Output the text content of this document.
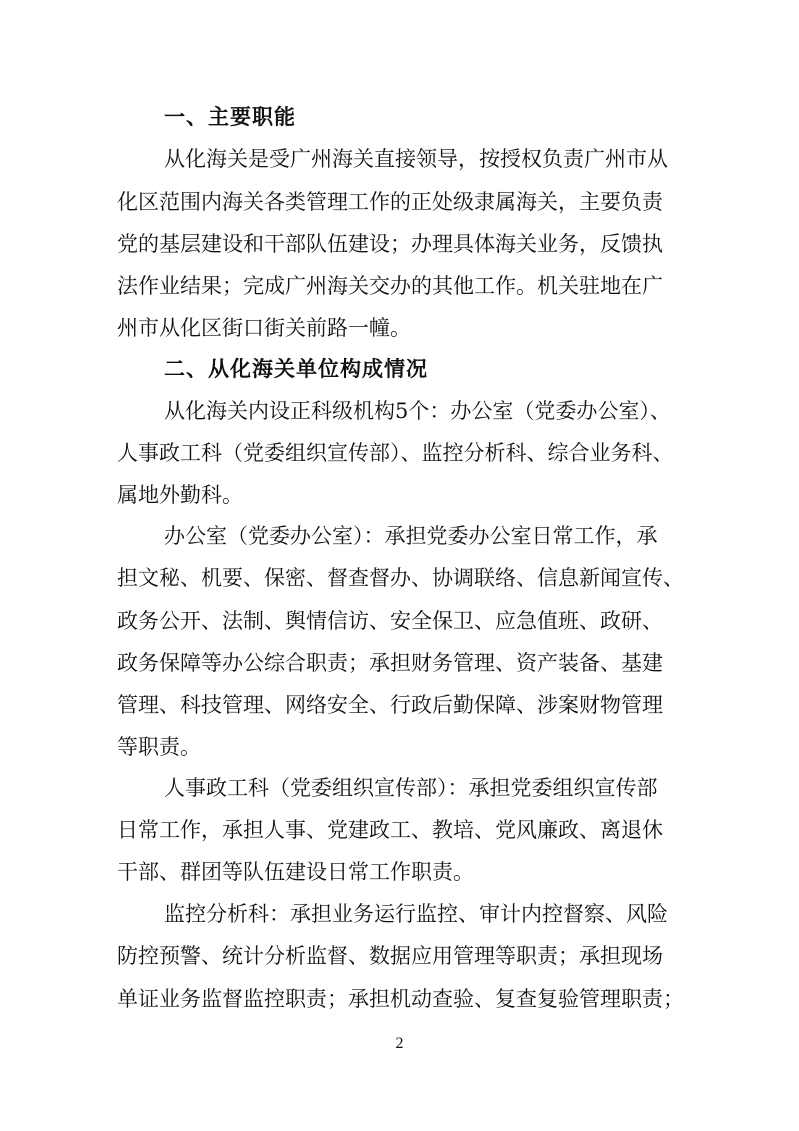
一、主要职能
从化海关是受广州海关直接领导，按授权负责广州市从
化区范围内海关各类管理工作的正处级隶属海关，主要负责
党的基层建设和干部队伍建设；办理具体海关业务，反馈执
法作业结果；完成广州海关交办的其他工作。机关驻地在广
州市从化区街口街关前路一幢。
二、从化海关单位构成情况
从化海关内设正科级机构5个：办公室（党委办公室）、
人事政工科（党委组织宣传部）、监控分析科、综合业务科、
属地外勤科。
办公室（党委办公室）：承担党委办公室日常工作，承
担文秘、机要、保密、督查督办、协调联络、信息新闻宣传、
政务公开、法制、舆情信访、安全保卫、应急值班、政研、
政务保障等办公综合职责；承担财务管理、资产装备、基建
管理、科技管理、网络安全、行政后勤保障、涉案财物管理
等职责。
人事政工科（党委组织宣传部）：承担党委组织宣传部
日常工作，承担人事、党建政工、教培、党风廉政、离退休
干部、群团等队伍建设日常工作职责。
监控分析科：承担业务运行监控、审计内控督察、风险
防控预警、统计分析监督、数据应用管理等职责；承担现场
单证业务监督监控职责；承担机动查验、复查复验管理职责；
2
